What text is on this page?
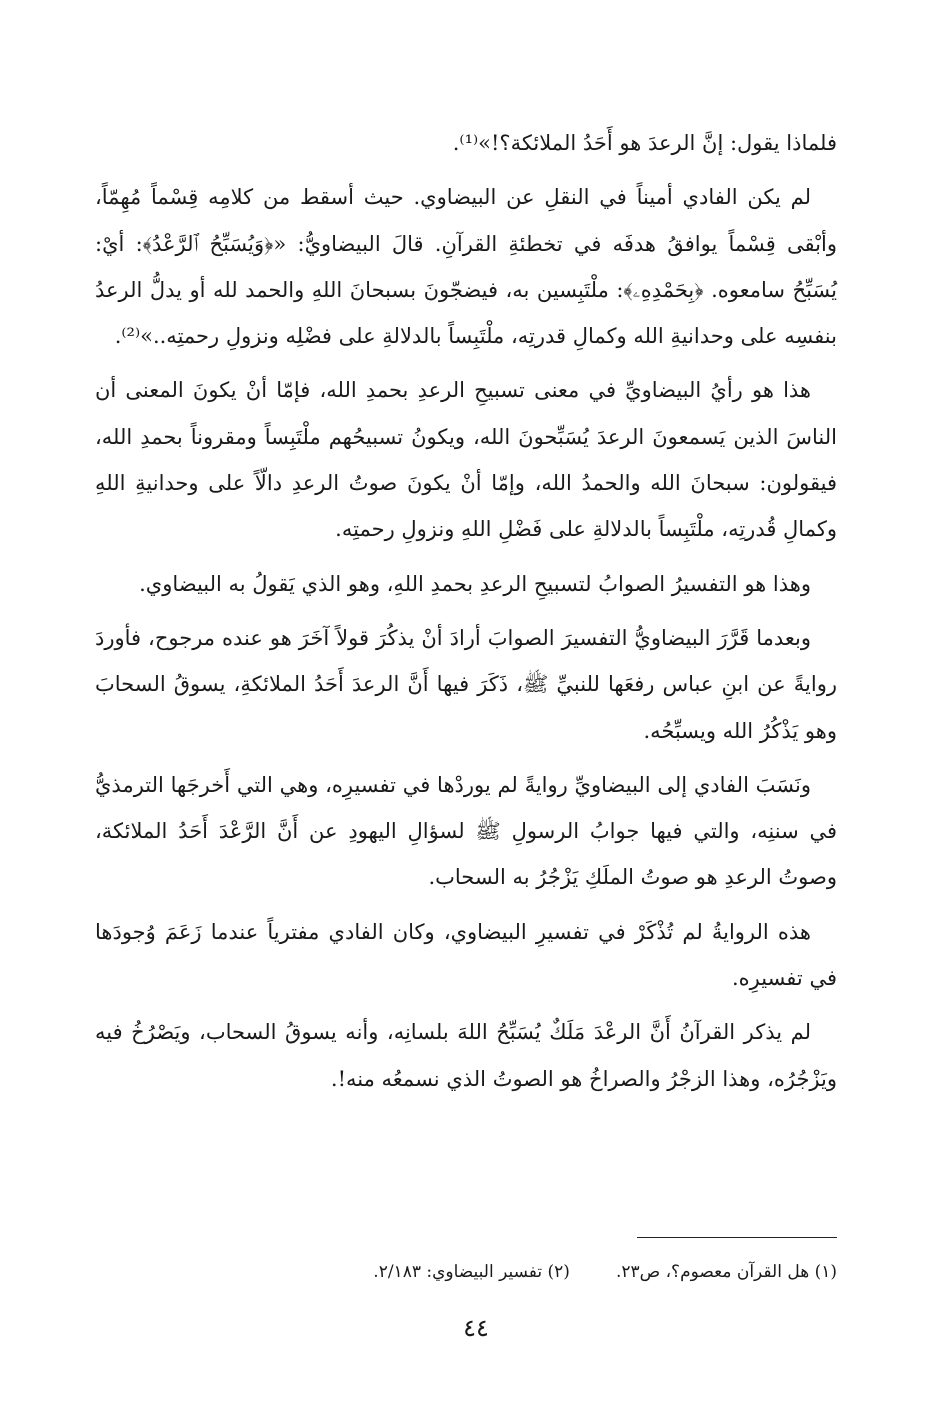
فلماذا يقول: إنَّ الرعدَ هو أَحَدُ الملائكة؟!»⁽¹⁾.

لم يكن الفادي أميناً في النقلِ عن البيضاوي. حيث أسقط من كلامِه قِسْماً مُهِمّاً، وأبْقى قِسْماً يوافقُ هدفَه في تخطئةِ القرآنِ. قالَ البيضاويُّ: «﴿وَيُسَبِّحُ ٱلرَّعْدُ﴾: أيْ: يُسَبِّحُ سامعوه. ﴿بِحَمْدِهِۦ﴾: ملْتَبِسين به، فيضجّونَ بسبحانَ اللهِ والحمد لله أو يدلُّ الرعدُ بنفسِه على وحدانيةِ الله وكمالِ قدرتِه، ملْتَبِساً بالدلالةِ على فضْلِه ونزولِ رحمتِه..»⁽²⁾.

هذا هو رأيُ البيضاويِّ في معنى تسبيحِ الرعدِ بحمدِ الله، فإمّا أنْ يكونَ المعنى أن الناسَ الذين يَسمعونَ الرعدَ يُسَبِّحونَ الله، ويكونُ تسبيحُهم ملْتَبِساً ومقروناً بحمدِ الله، فيقولون: سبحانَ الله والحمدُ الله، وإمّا أنْ يكونَ صوتُ الرعدِ دالّاً على وحدانيةِ اللهِ وكمالِ قُدرتِه، ملْتَبِساً بالدلالةِ على فَضْلِ اللهِ ونزولِ رحمتِه.

وهذا هو التفسيرُ الصوابُ لتسبيحِ الرعدِ بحمدِ اللهِ، وهو الذي يَقولُ به البيضاوي.

وبعدما قَرَّرَ البيضاويُّ التفسيرَ الصوابَ أرادَ أنْ يذكُرَ قولاً آخَرَ هو عنده مرجوح، فأوردَ روايةً عن ابنِ عباس رفعَها للنبيِّ ﷺ، ذَكَرَ فيها أَنَّ الرعدَ أَحَدُ الملائكةِ، يسوقُ السحابَ وهو يَذْكُرُ الله ويسبِّحُه.

ونَسَبَ الفادي إلى البيضاويِّ روايةً لم يوردْها في تفسيرِه، وهي التي أَخرجَها الترمذيُّ في سننِه، والتي فيها جوابُ الرسولِ ﷺ لسؤالِ اليهودِ عن أَنَّ الرَّعْدَ أَحَدُ الملائكة، وصوتُ الرعدِ هو صوتُ الملَكِ يَزْجُرُ به السحاب.

هذه الروايةُ لم تُذْكَرْ في تفسيرِ البيضاوي، وكان الفادي مفترياً عندما زَعَمَ وُجودَها في تفسيرِه.

لم يذكر القرآنُ أَنَّ الرعْدَ مَلَكٌ يُسَبِّحُ اللهَ بلسانِه، وأنه يسوقُ السحاب، ويَصْرُخُ فيه ويَزْجُرُه، وهذا الزجْرُ والصراخُ هو الصوتُ الذي نسمعُه منه!.

(١) هل القرآن معصوم؟، ص٢٣.
(٢) تفسير البيضاوي: ٢/١٨٣.
٤٤
